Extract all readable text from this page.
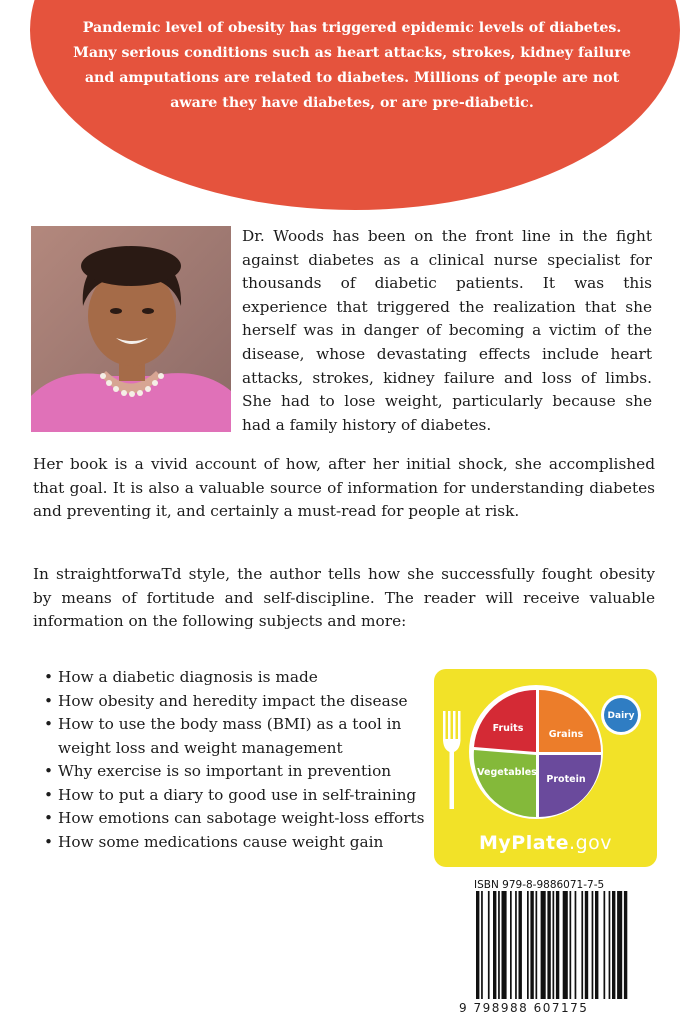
Pandemic level of obesity has triggered epidemic levels of diabetes. Many serious conditions such as heart attacks, strokes, kidney failure and amputations are related to diabetes. Millions of people are not aware they have diabetes, or are pre-diabetic.

Dr. Woods has been on the front line in the fight against diabetes as a clinical nurse specialist for thousands of diabetic patients. It was this experience that triggered the realization that she herself was in danger of becoming a victim of the disease, whose devastating effects include heart attacks, strokes, kidney failure and loss of limbs. She had to lose weight, particularly because she had a family history of diabetes.

Her book is a vivid account of how, after her initial shock, she accomplished that goal. It is also a valuable source of information for understanding diabetes and preventing it, and certainly a must-read for people at risk.

In straightforwaTd style, the author tells how she successfully fought obesity by means of fortitude and self-discipline. The reader will receive valuable information on the following subjects and more:

• How a diabetic diagnosis is made
• How obesity and heredity impact the disease
• How to use the body mass (BMI) as a tool in weight loss and weight management
• Why exercise is so important in prevention
• How to put a diary to good use in self-training
• How emotions can sabotage weight-loss efforts
• How some medications cause weight gain
Fruits
Grains
Vegetables
Protein
Dairy
MyPlate.gov
ISBN 979-8-9886071-7-5
9 798988 607175
